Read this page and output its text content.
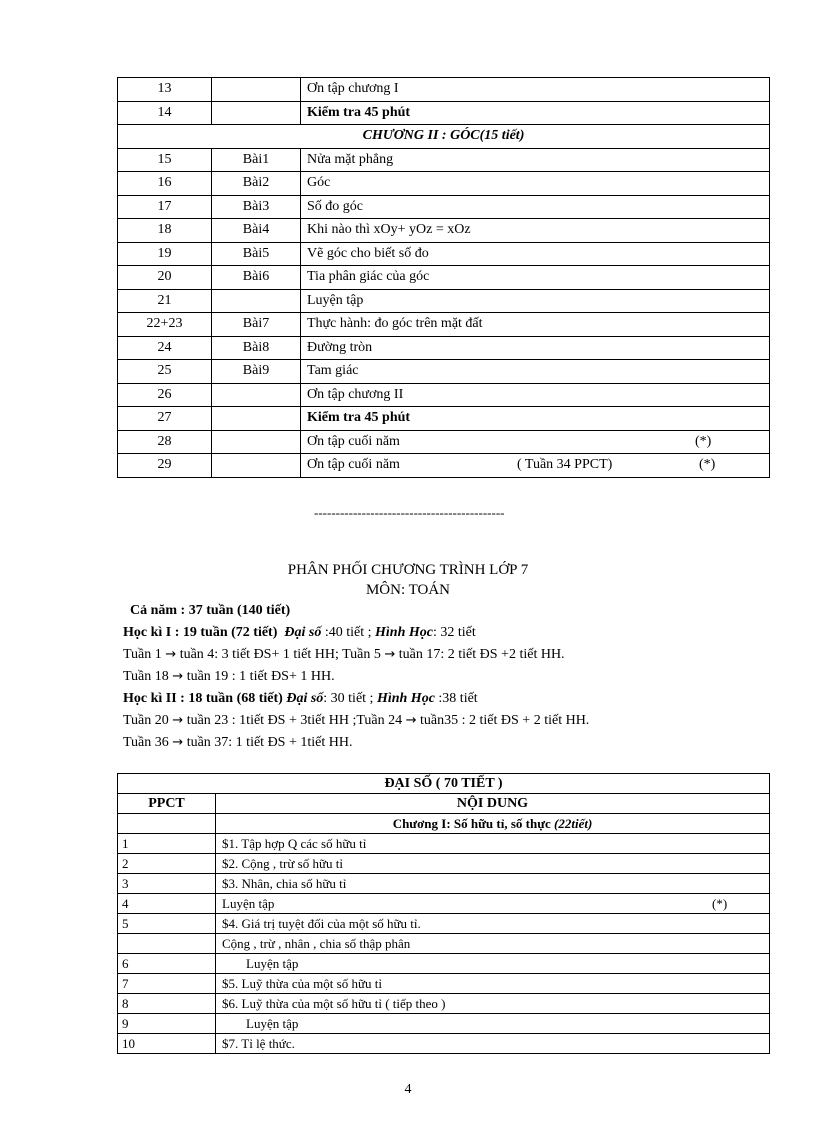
13		Ơn tập chương I
14		Kiểm tra 45 phút
CHƯƠNG II : GÓC(15 tiết)		
15	Bài1	Nửa mặt phẳng
16	Bài2	Góc
17	Bài3	Số đo góc
18	Bài4	Khi nào thì xOy+ yOz = xOz
19	Bài5	Vẽ góc cho biết số đo
20	Bài6	Tia phân giác của góc
21		Luyện tập
22+23	Bài7	Thực hành: đo góc trên mặt đất
24	Bài8	Đường tròn
25	Bài9	Tam giác
26		Ơn tập chương II
27		Kiểm tra 45 phút
28		Ơn tập cuối năm (*)

29		Ơn tập cuối năm ( Tuần 34 PPCT) (*)
--------------------------------------------
PHÂN PHỐI CHƯƠNG TRÌNH LỚP 7
MÔN: TOÁN
Cả năm : 37 tuần (140 tiết)
Học kì I : 19 tuần (72 tiết) Đại số :40 tiết ; Hình Học: 32 tiết
Tuần 1 → tuần 4: 3 tiết ĐS+ 1 tiết HH; Tuần 5 → tuần 17: 2 tiết ĐS +2 tiết HH.
Tuần 18 → tuần 19 : 1 tiết ĐS+ 1 HH.
Học kì II : 18 tuần (68 tiết) Đại số: 30 tiết ; Hình Học :38 tiết
Tuần 20 → tuần 23 : 1tiết ĐS + 3tiết HH ;Tuần 24 → tuần35 : 2 tiết ĐS + 2 tiết HH.
Tuần 36 → tuần 37: 1 tiết ĐS + 1tiết HH.
ĐẠI SỐ ( 70 TIẾT )	
PPCT	NỘI DUNG
	Chương I: Số hữu tỉ, số thực (22tiết)
1	$1. Tập hợp Q các số hữu tỉ
2	$2. Cộng , trừ số hữu tỉ
3	$3. Nhân, chia số hữu tỉ
4	Luyện tập (*)

5	$4. Giá trị tuyệt đối của một số hữu tỉ.
	Cộng , trừ , nhân , chia số thập phân
6	Luyện tập
7	$5. Luỹ thừa của một số hữu tỉ
8	$6. Luỹ thừa của một số hữu tỉ ( tiếp theo )
9	Luyện tập
10	$7. Tỉ lệ thức.
4
